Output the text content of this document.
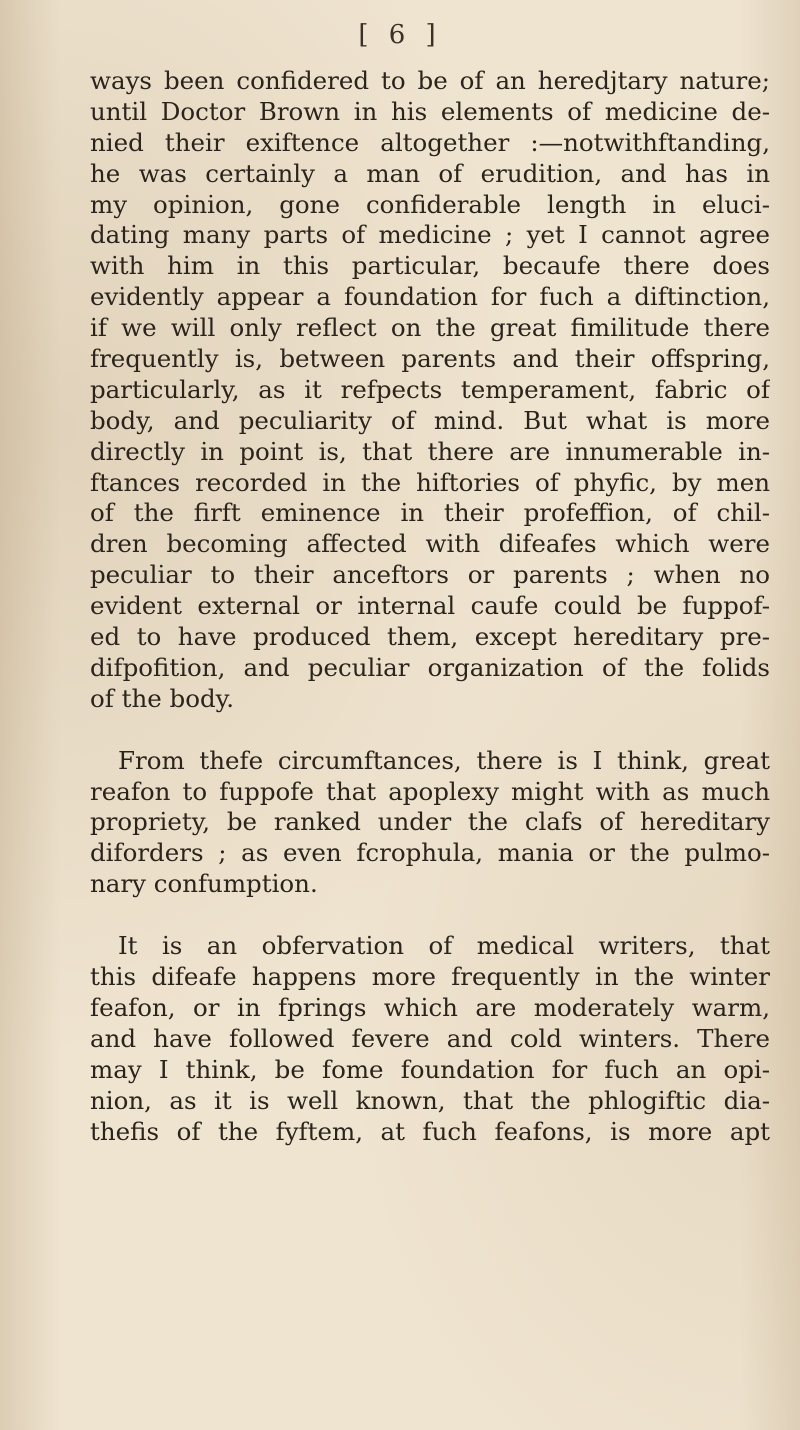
[ 6 ]
ways been confidered to be of an heredjtary nature;
until Doctor Brown in his elements of medicine de-
nied their exiftence altogether :—notwithftanding,
he was certainly a man of erudition, and has in
my opinion, gone confiderable length in eluci-
dating many parts of medicine ; yet I cannot agree
with him in this particular, becaufe there does
evidently appear a foundation for fuch a diftinction,
if we will only reflect on the great fimilitude there
frequently is, between parents and their offspring,
particularly, as it refpects temperament, fabric of
body, and peculiarity of mind. But what is more
directly in point is, that there are innumerable in-
ftances recorded in the hiftories of phyfic, by men
of the firft eminence in their profeffion, of chil-
dren becoming affected with difeafes which were
peculiar to their anceftors or parents ; when no
evident external or internal caufe could be fuppof-
ed to have produced them, except hereditary pre-
difpofition, and peculiar organization of the folids
of the body.
From thefe circumftances, there is I think, great
reafon to fuppofe that apoplexy might with as much
propriety, be ranked under the clafs of hereditary
diforders ; as even fcrophula, mania or the pulmo-
nary confumption.
It is an obfervation of medical writers, that
this difeafe happens more frequently in the winter
feafon, or in fprings which are moderately warm,
and have followed fevere and cold winters. There
may I think, be fome foundation for fuch an opi-
nion, as it is well known, that the phlogiftic dia-
thefis of the fyftem, at fuch feafons, is more apt
